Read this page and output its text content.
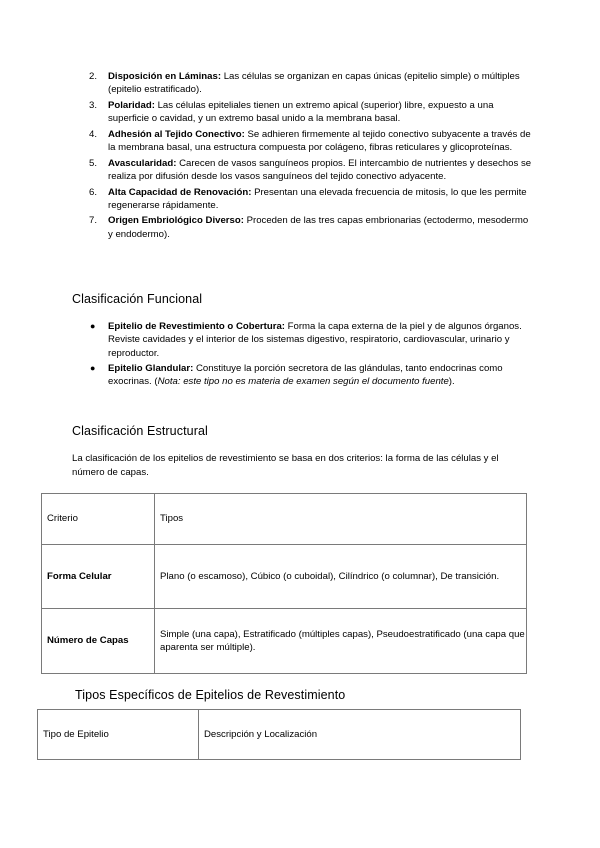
2. Disposición en Láminas: Las células se organizan en capas únicas (epitelio simple) o múltiples (epitelio estratificado).
3. Polaridad: Las células epiteliales tienen un extremo apical (superior) libre, expuesto a una superficie o cavidad, y un extremo basal unido a la membrana basal.
4. Adhesión al Tejido Conectivo: Se adhieren firmemente al tejido conectivo subyacente a través de la membrana basal, una estructura compuesta por colágeno, fibras reticulares y glicoproteínas.
5. Avascularidad: Carecen de vasos sanguíneos propios. El intercambio de nutrientes y desechos se realiza por difusión desde los vasos sanguíneos del tejido conectivo adyacente.
6. Alta Capacidad de Renovación: Presentan una elevada frecuencia de mitosis, lo que les permite regenerarse rápidamente.
7. Origen Embriológico Diverso: Proceden de las tres capas embrionarias (ectodermo, mesodermo y endodermo).
Clasificación Funcional
● Epitelio de Revestimiento o Cobertura: Forma la capa externa de la piel y de algunos órganos. Reviste cavidades y el interior de los sistemas digestivo, respiratorio, cardiovascular, urinario y reproductor.
● Epitelio Glandular: Constituye la porción secretora de las glándulas, tanto endocrinas como exocrinas. (Nota: este tipo no es materia de examen según el documento fuente).
Clasificación Estructural

La clasificación de los epitelios de revestimiento se basa en dos criterios: la forma de las células y el número de capas.

Criterio	Tipos
Forma Celular	Plano (o escamoso), Cúbico (o cuboidal), Cilíndrico (o columnar), De transición.
Número de Capas	Simple (una capa), Estratificado (múltiples capas), Pseudoestratificado (una capa que aparenta ser múltiple).
Tipos Específicos de Epitelios de Revestimiento
Tipo de Epitelio	Descripción y Localización
